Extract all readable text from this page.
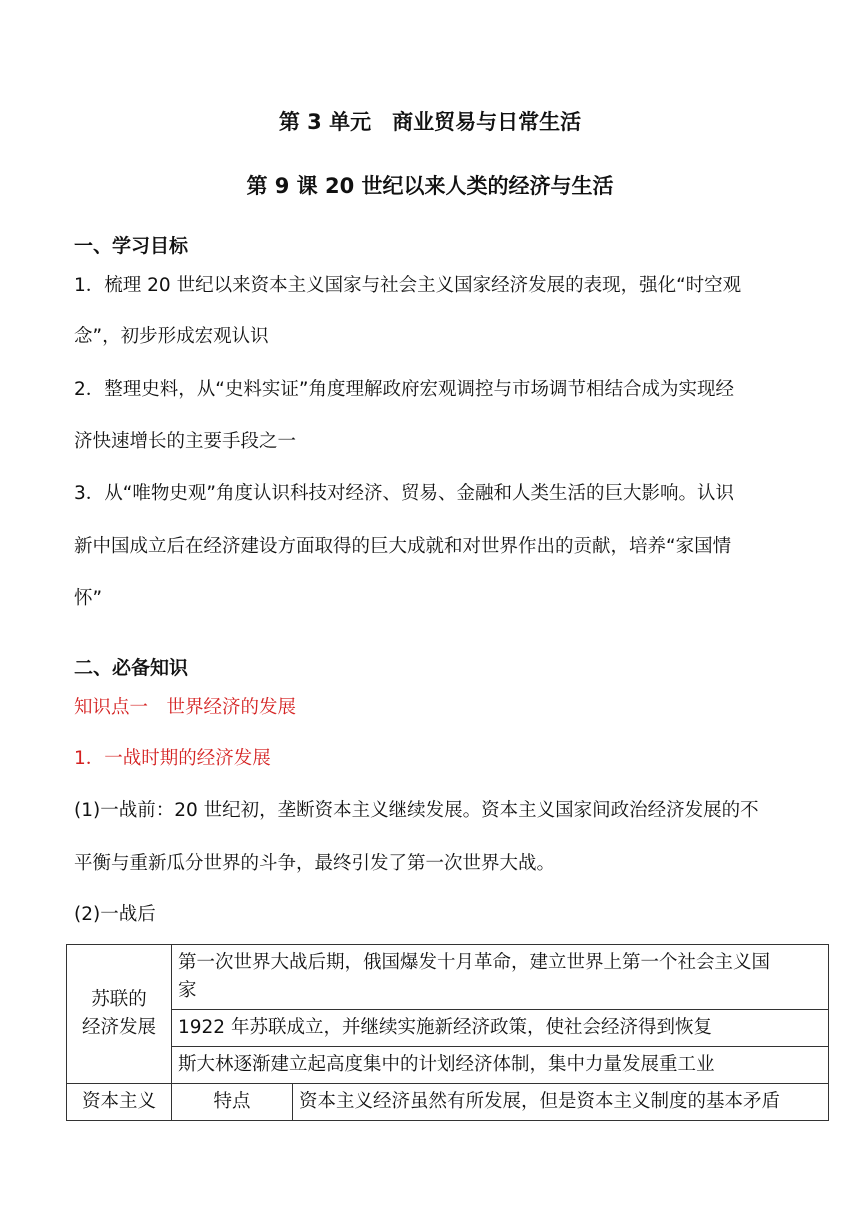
第 3 单元　商业贸易与日常生活
第 9 课 20 世纪以来人类的经济与生活
一、学习目标
1．梳理 20 世纪以来资本主义国家与社会主义国家经济发展的表现，强化“时空观
念”，初步形成宏观认识
2．整理史料，从“史料实证”角度理解政府宏观调控与市场调节相结合成为实现经
济快速增长的主要手段之一
3．从“唯物史观”角度认识科技对经济、贸易、金融和人类生活的巨大影响。认识
新中国成立后在经济建设方面取得的巨大成就和对世界作出的贡献，培养“家国情
怀”
二、必备知识
知识点一　世界经济的发展
1．一战时期的经济发展
(1)一战前：20 世纪初，垄断资本主义继续发展。资本主义国家间政治经济发展的不
平衡与重新瓜分世界的斗争，最终引发了第一次世界大战。
(2)一战后
苏联的
经济发展	第一次世界大战后期，俄国爆发十月革命，建立世界上第一个社会主义国
家	

	1922 年苏联成立，并继续实施新经济政策，使社会经济得到恢复	

	斯大林逐渐建立起高度集中的计划经济体制，集中力量发展重工业	

资本主义	特点	资本主义经济虽然有所发展，但是资本主义制度的基本矛盾
